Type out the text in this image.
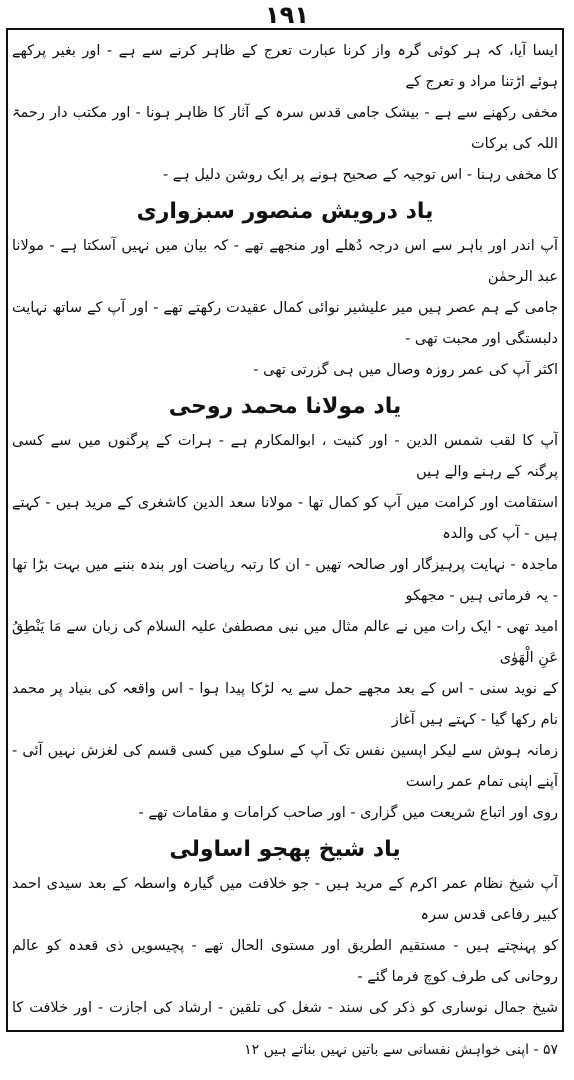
۱۹۱

ایسا آیا، کہ ہر کوئی گرہ واز کرنا عبارت تعرج کے ظاہر کرنے سے ہے - اور بغیر پرکھے ہوئے اڑتنا مراد و تعرج کے

مخفی رکھنے سے ہے - بیشک جامی قدس سرہ کے آثار کا ظاہر ہونا - اور مکتب دار رحمۃ اللہ کی برکات

کا مخفی رہنا - اس توجیہ کے صحیح ہونے پر ایک روشن دلیل ہے -

یاد درویش منصور سبزواری

آپ اندر اور باہر سے اس درجہ دُھلے اور منجھے تھے - کہ بیان میں نہیں آسکتا ہے - مولانا عبد الرحمٰن

جامی کے ہم عصر ہیں میر علیشیر نوائی کمال عقیدت رکھتے تھے - اور آپ کے ساتھ نہایت دلبستگی اور محبت تھی -

اکثر آپ کی عمر روزہ وصال میں ہی گزرتی تھی -

یاد مولانا محمد روحی

آپ کا لقب شمس الدین - اور کنیت ، ابوالمکارم ہے - ہرات کے پرگنوں میں سے کسی پرگنہ کے رہنے والے ہیں

استقامت اور کرامت میں آپ کو کمال تھا - مولانا سعد الدین کاشغری کے مرید ہیں - کہتے ہیں - آپ کی والدہ

ماجدہ - نہایت پرہیزگار اور صالحہ تھیں - ان کا رتبہ ریاضت اور بندہ بننے میں بہت بڑا تھا - یہ فرماتی ہیں - مجھکو

امید تھی - ایک رات میں نے عالم مثال میں نبی مصطفیٰ علیہ السلام کی زبان سے مَا يَنْطِقُ عَنِ الْهَوٰى

کے نوید سنی - اس کے بعد مجھے حمل سے یہ لڑکا پیدا ہوا - اس واقعہ کی بنیاد پر محمد نام رکھا گیا - کہتے ہیں آغاز

زمانہ ہوش سے لیکر اپسین نفس تک آپ کے سلوک میں کسی قسم کی لغزش نہیں آئی - آپنے اپنی تمام عمر راست

روی اور اتباع شریعت میں گزاری - اور صاحب کرامات و مقامات تھے -

یاد شیخ پھجو اساولی

آپ شیخ نظام عمر اکرم کے مرید ہیں - جو خلافت میں گیارہ واسطہ کے بعد سیدی احمد کبیر رفاعی قدس سرہ

کو پہنچتے ہیں - مستقیم الطریق اور مستوی الحال تھے - پچیسویں ذی قعدہ کو عالم روحانی کی طرف کوچ فرما گئے -

شیخ جمال نوساری کو ذکر کی سند - شغل کی تلقین - ارشاد کی اجازت - اور خلافت کا

۵۷ - اپنی خواہش نفسانی سے باتیں نہیں بناتے ہیں ۱۲
